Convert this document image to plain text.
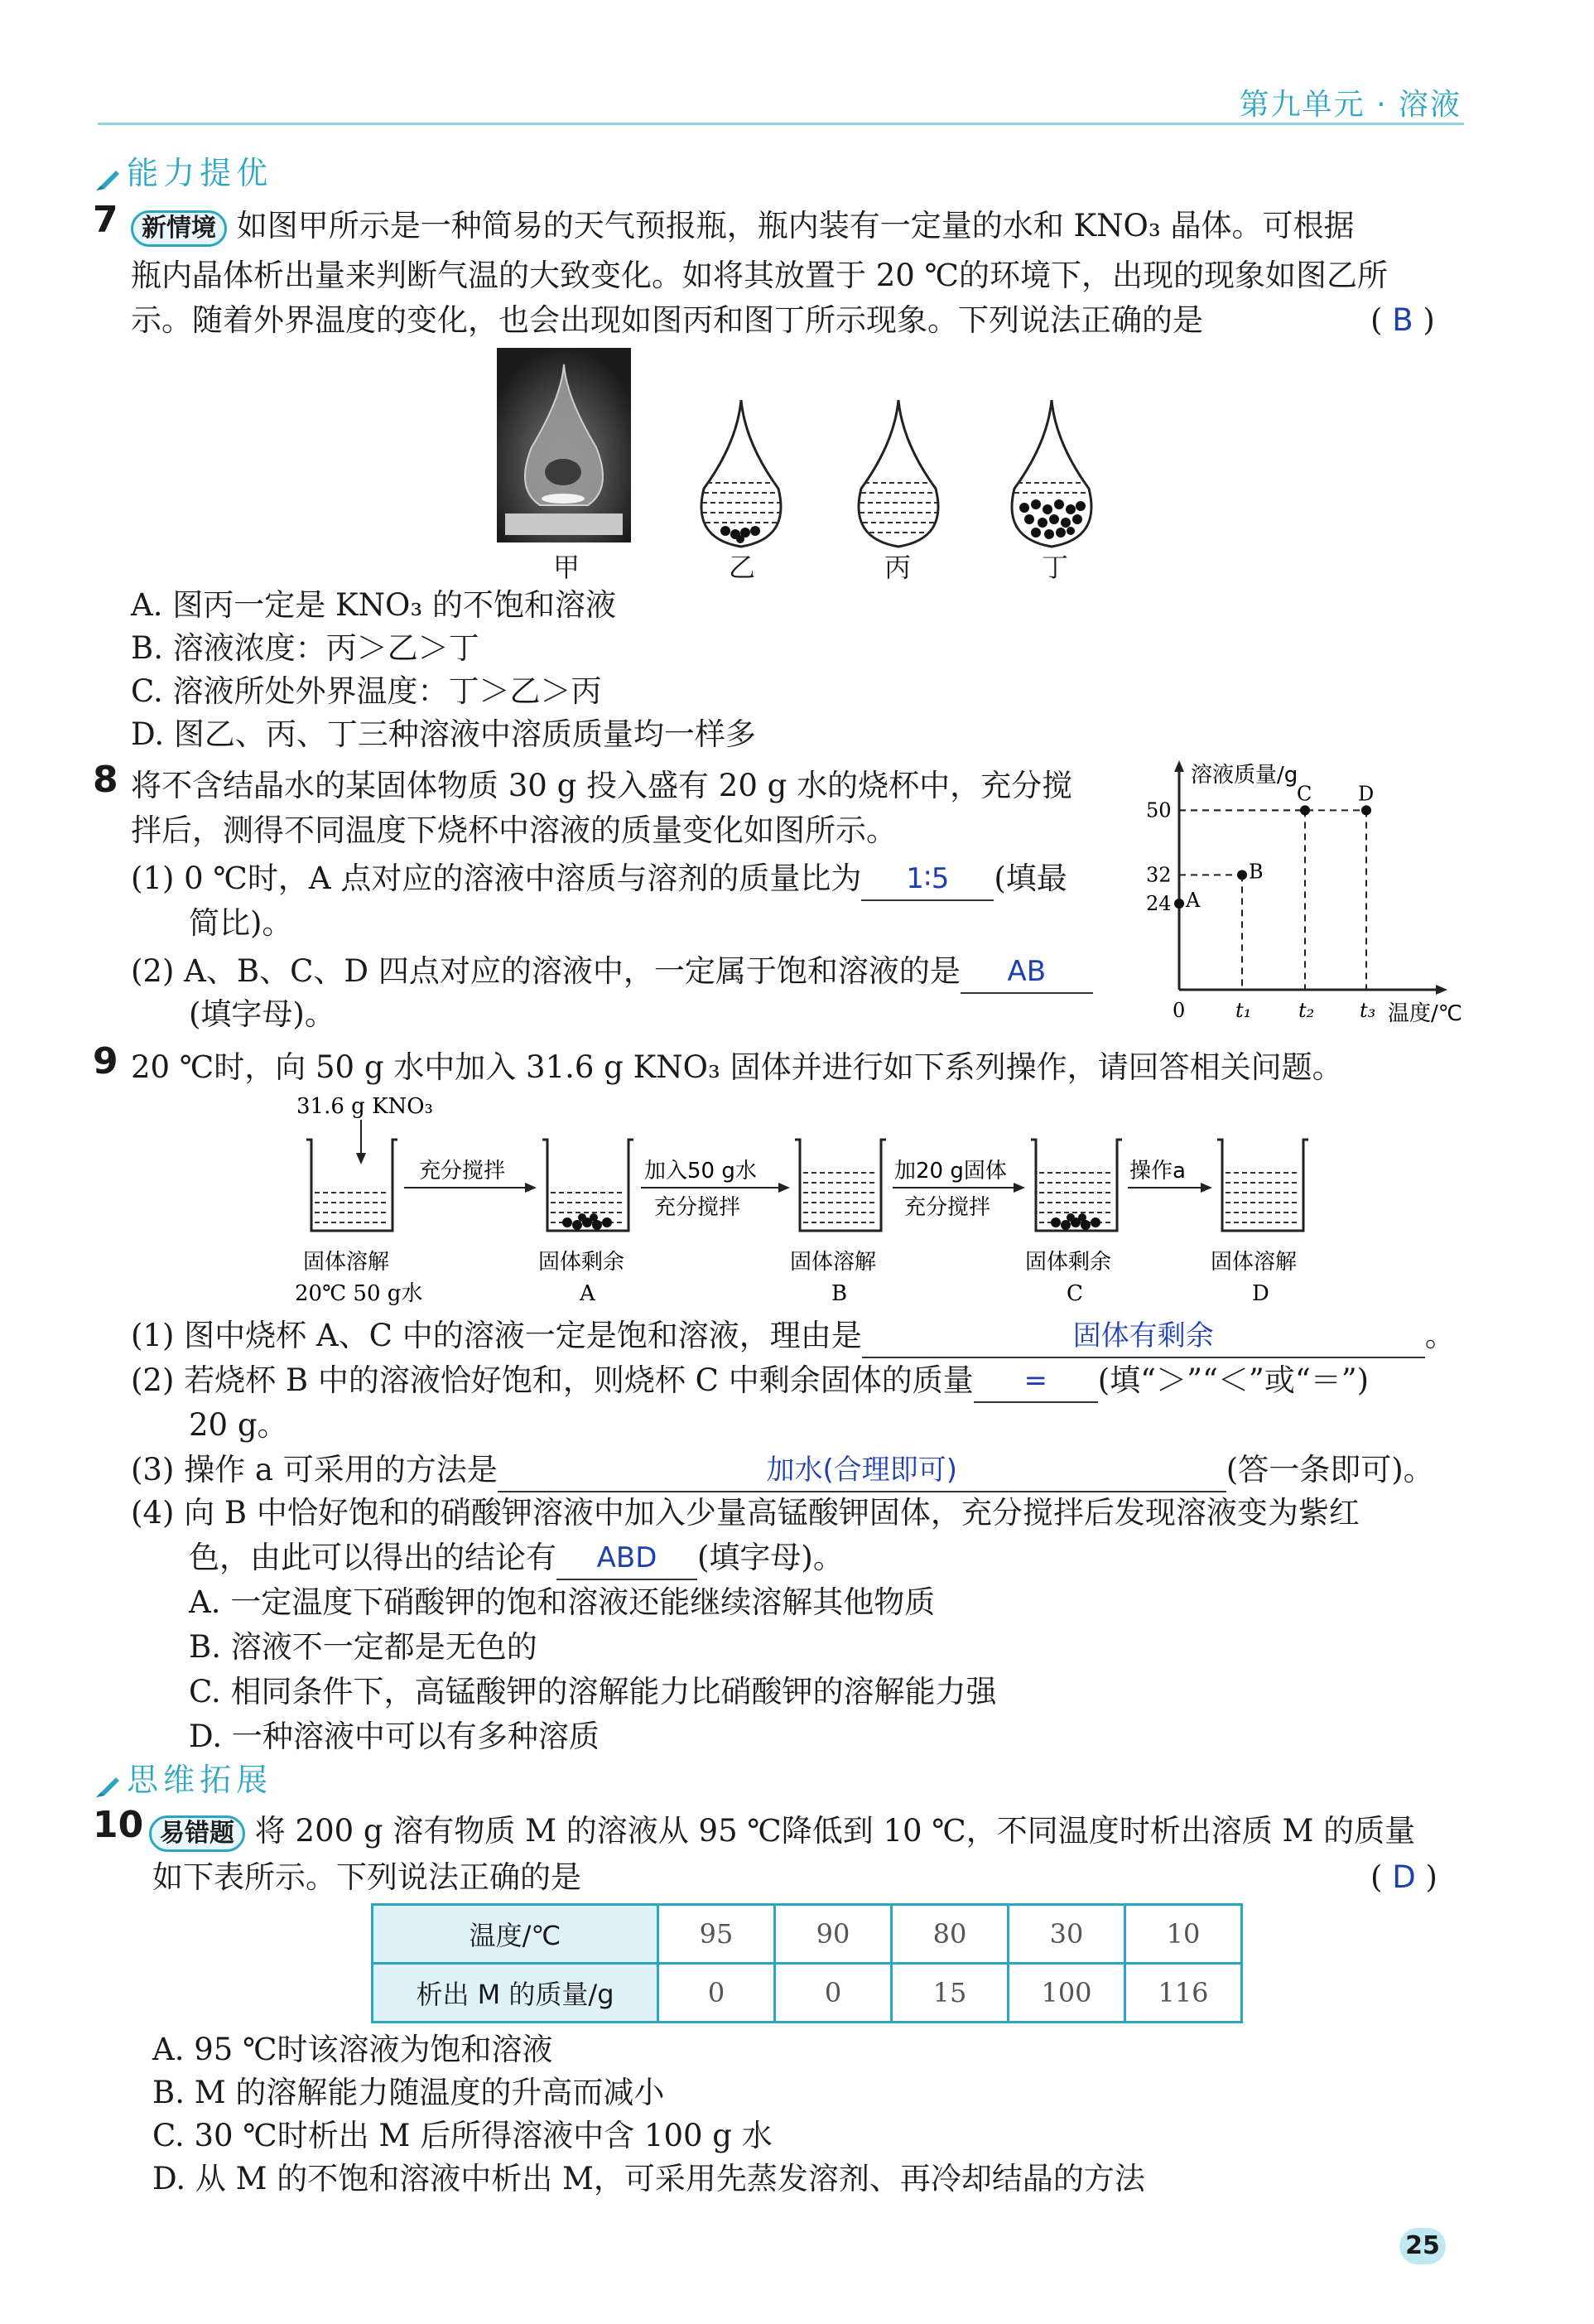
第九单元 · 溶液
能力提优
7 新情境 如图甲所示是一种简易的天气预报瓶，瓶内装有一定量的水和 KNO₃ 晶体。可根据
瓶内晶体析出量来判断气温的大致变化。如将其放置于 20 ℃的环境下，出现的现象如图乙所
示。随着外界温度的变化，也会出现如图丙和图丁所示现象。下列说法正确的是	( B )
甲	乙	丙	丁
A. 图丙一定是 KNO₃ 的不饱和溶液
B. 溶液浓度：丙＞乙＞丁
C. 溶液所处外界温度：丁＞乙＞丙
D. 图乙、丙、丁三种溶液中溶质质量均一样多
8 将不含结晶水的某固体物质 30 g 投入盛有 20 g 水的烧杯中，充分搅
拌后，测得不同温度下烧杯中溶液的质量变化如图所示。
(1) 0 ℃时，A 点对应的溶液中溶质与溶剂的质量比为	1∶5	(填最
简比)。
(2) A、B、C、D 四点对应的溶液中，一定属于饱和溶液的是	AB
(填字母)。
溶液质量/g
温度/℃
0
A
B
C D
50
32
24
t₁ t₂ t₃
9 20 ℃时，向 50 g 水中加入 31.6 g KNO₃ 固体并进行如下系列操作，请回答相关问题。
31.6 g KNO₃
充分搅拌	加入50 g水
充分搅拌
加20 g固体
充分搅拌
操作a
固体溶解
20℃ 50 g水
固体剩余
A
固体溶解
B
固体剩余
C
固体溶解
D
(1) 图中烧杯 A、C 中的溶液一定是饱和溶液，理由是	固体有剩余	。
(2) 若烧杯 B 中的溶液恰好饱和，则烧杯 C 中剩余固体的质量	=	(填“＞”“＜”或“＝”)
20 g。
(3) 操作 a 可采用的方法是	加水(合理即可)	(答一条即可)。
(4) 向 B 中恰好饱和的硝酸钾溶液中加入少量高锰酸钾固体，充分搅拌后发现溶液变为紫红
色，由此可以得出的结论有	ABD	(填字母)。
A. 一定温度下硝酸钾的饱和溶液还能继续溶解其他物质
B. 溶液不一定都是无色的
C. 相同条件下，高锰酸钾的溶解能力比硝酸钾的溶解能力强
D. 一种溶液中可以有多种溶质
思维拓展
10 易错题 将 200 g 溶有物质 M 的溶液从 95 ℃降低到 10 ℃，不同温度时析出溶质 M 的质量
如下表所示。下列说法正确的是	( D )
温度/℃	95	90	80	30	10
析出 M 的质量/g	0	0	15	100	116
A. 95 ℃时该溶液为饱和溶液
B. M 的溶解能力随温度的升高而减小
C. 30 ℃时析出 M 后所得溶液中含 100 g 水
D. 从 M 的不饱和溶液中析出 M，可采用先蒸发溶剂、再冷却结晶的方法
25
